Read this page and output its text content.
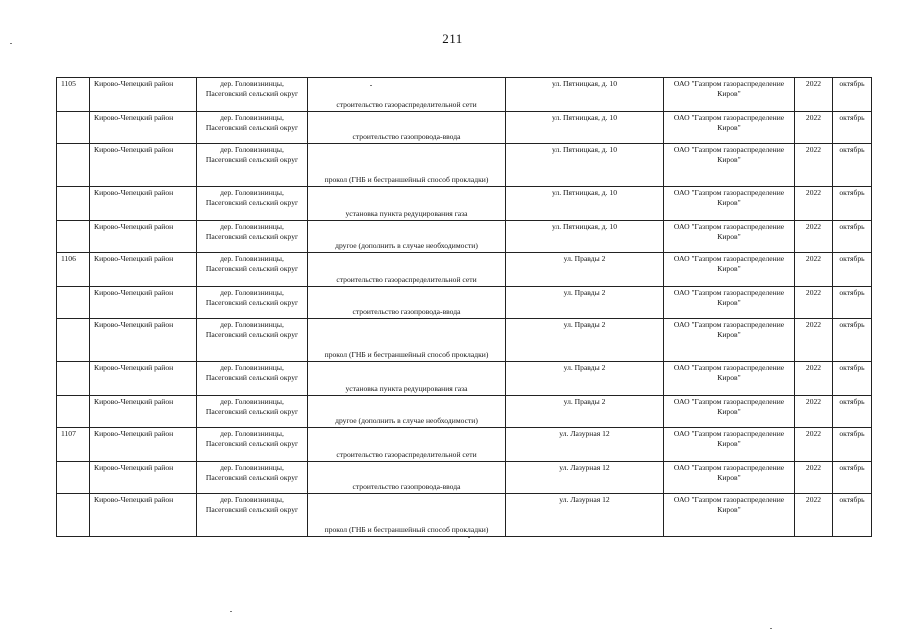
211
1105	Кирово-Чепецкий район	дер. Головизнинцы,
Пасеговский сельский округ	строительство газораспределительной сети	ул. Пятницкая, д. 10	ОАО "Газпром газораспределение
Киров"	2022	октябрь

	Кирово-Чепецкий район	дер. Головизнинцы,
Пасеговский сельский округ	строительство газопровода-ввода	ул. Пятницкая, д. 10	ОАО "Газпром газораспределение
Киров"	2022	октябрь

	Кирово-Чепецкий район	дер. Головизнинцы,
Пасеговский сельский округ	прокол (ГНБ и бестраншейный способ прокладки)	ул. Пятницкая, д. 10	ОАО "Газпром газораспределение
Киров"	2022	октябрь

	Кирово-Чепецкий район	дер. Головизнинцы,
Пасеговский сельский округ	установка пункта редуцирования газа	ул. Пятницкая, д. 10	ОАО "Газпром газораспределение
Киров"	2022	октябрь

	Кирово-Чепецкий район	дер. Головизнинцы,
Пасеговский сельский округ	другое (дополнить в случае необходимости)	ул. Пятницкая, д. 10	ОАО "Газпром газораспределение
Киров"	2022	октябрь
1106	Кирово-Чепецкий район	дер. Головизнинцы,
Пасеговский сельский округ	строительство газораспределительной сети	ул. Правды 2	ОАО "Газпром газораспределение
Киров"	2022	октябрь

	Кирово-Чепецкий район	дер. Головизнинцы,
Пасеговский сельский округ	строительство газопровода-ввода	ул. Правды 2	ОАО "Газпром газораспределение
Киров"	2022	октябрь

	Кирово-Чепецкий район	дер. Головизнинцы,
Пасеговский сельский округ	прокол (ГНБ и бестраншейный способ прокладки)	ул. Правды 2	ОАО "Газпром газораспределение
Киров"	2022	октябрь

	Кирово-Чепецкий район	дер. Головизнинцы,
Пасеговский сельский округ	установка пункта редуцирования газа	ул. Правды 2	ОАО "Газпром газораспределение
Киров"	2022	октябрь

	Кирово-Чепецкий район	дер. Головизнинцы,
Пасеговский сельский округ	другое (дополнить в случае необходимости)	ул. Правды 2	ОАО "Газпром газораспределение
Киров"	2022	октябрь
1107	Кирово-Чепецкий район	дер. Головизнинцы,
Пасеговский сельский округ	строительство газораспределительной сети	ул. Лазурная 12	ОАО "Газпром газораспределение
Киров"	2022	октябрь

	Кирово-Чепецкий район	дер. Головизнинцы,
Пасеговский сельский округ	строительство газопровода-ввода	ул. Лазурная 12	ОАО "Газпром газораспределение
Киров"	2022	октябрь

	Кирово-Чепецкий район	дер. Головизнинцы,
Пасеговский сельский округ	прокол (ГНБ и бестраншейный способ прокладки)	ул. Лазурная 12	ОАО "Газпром газораспределение
Киров"	2022	октябрь
